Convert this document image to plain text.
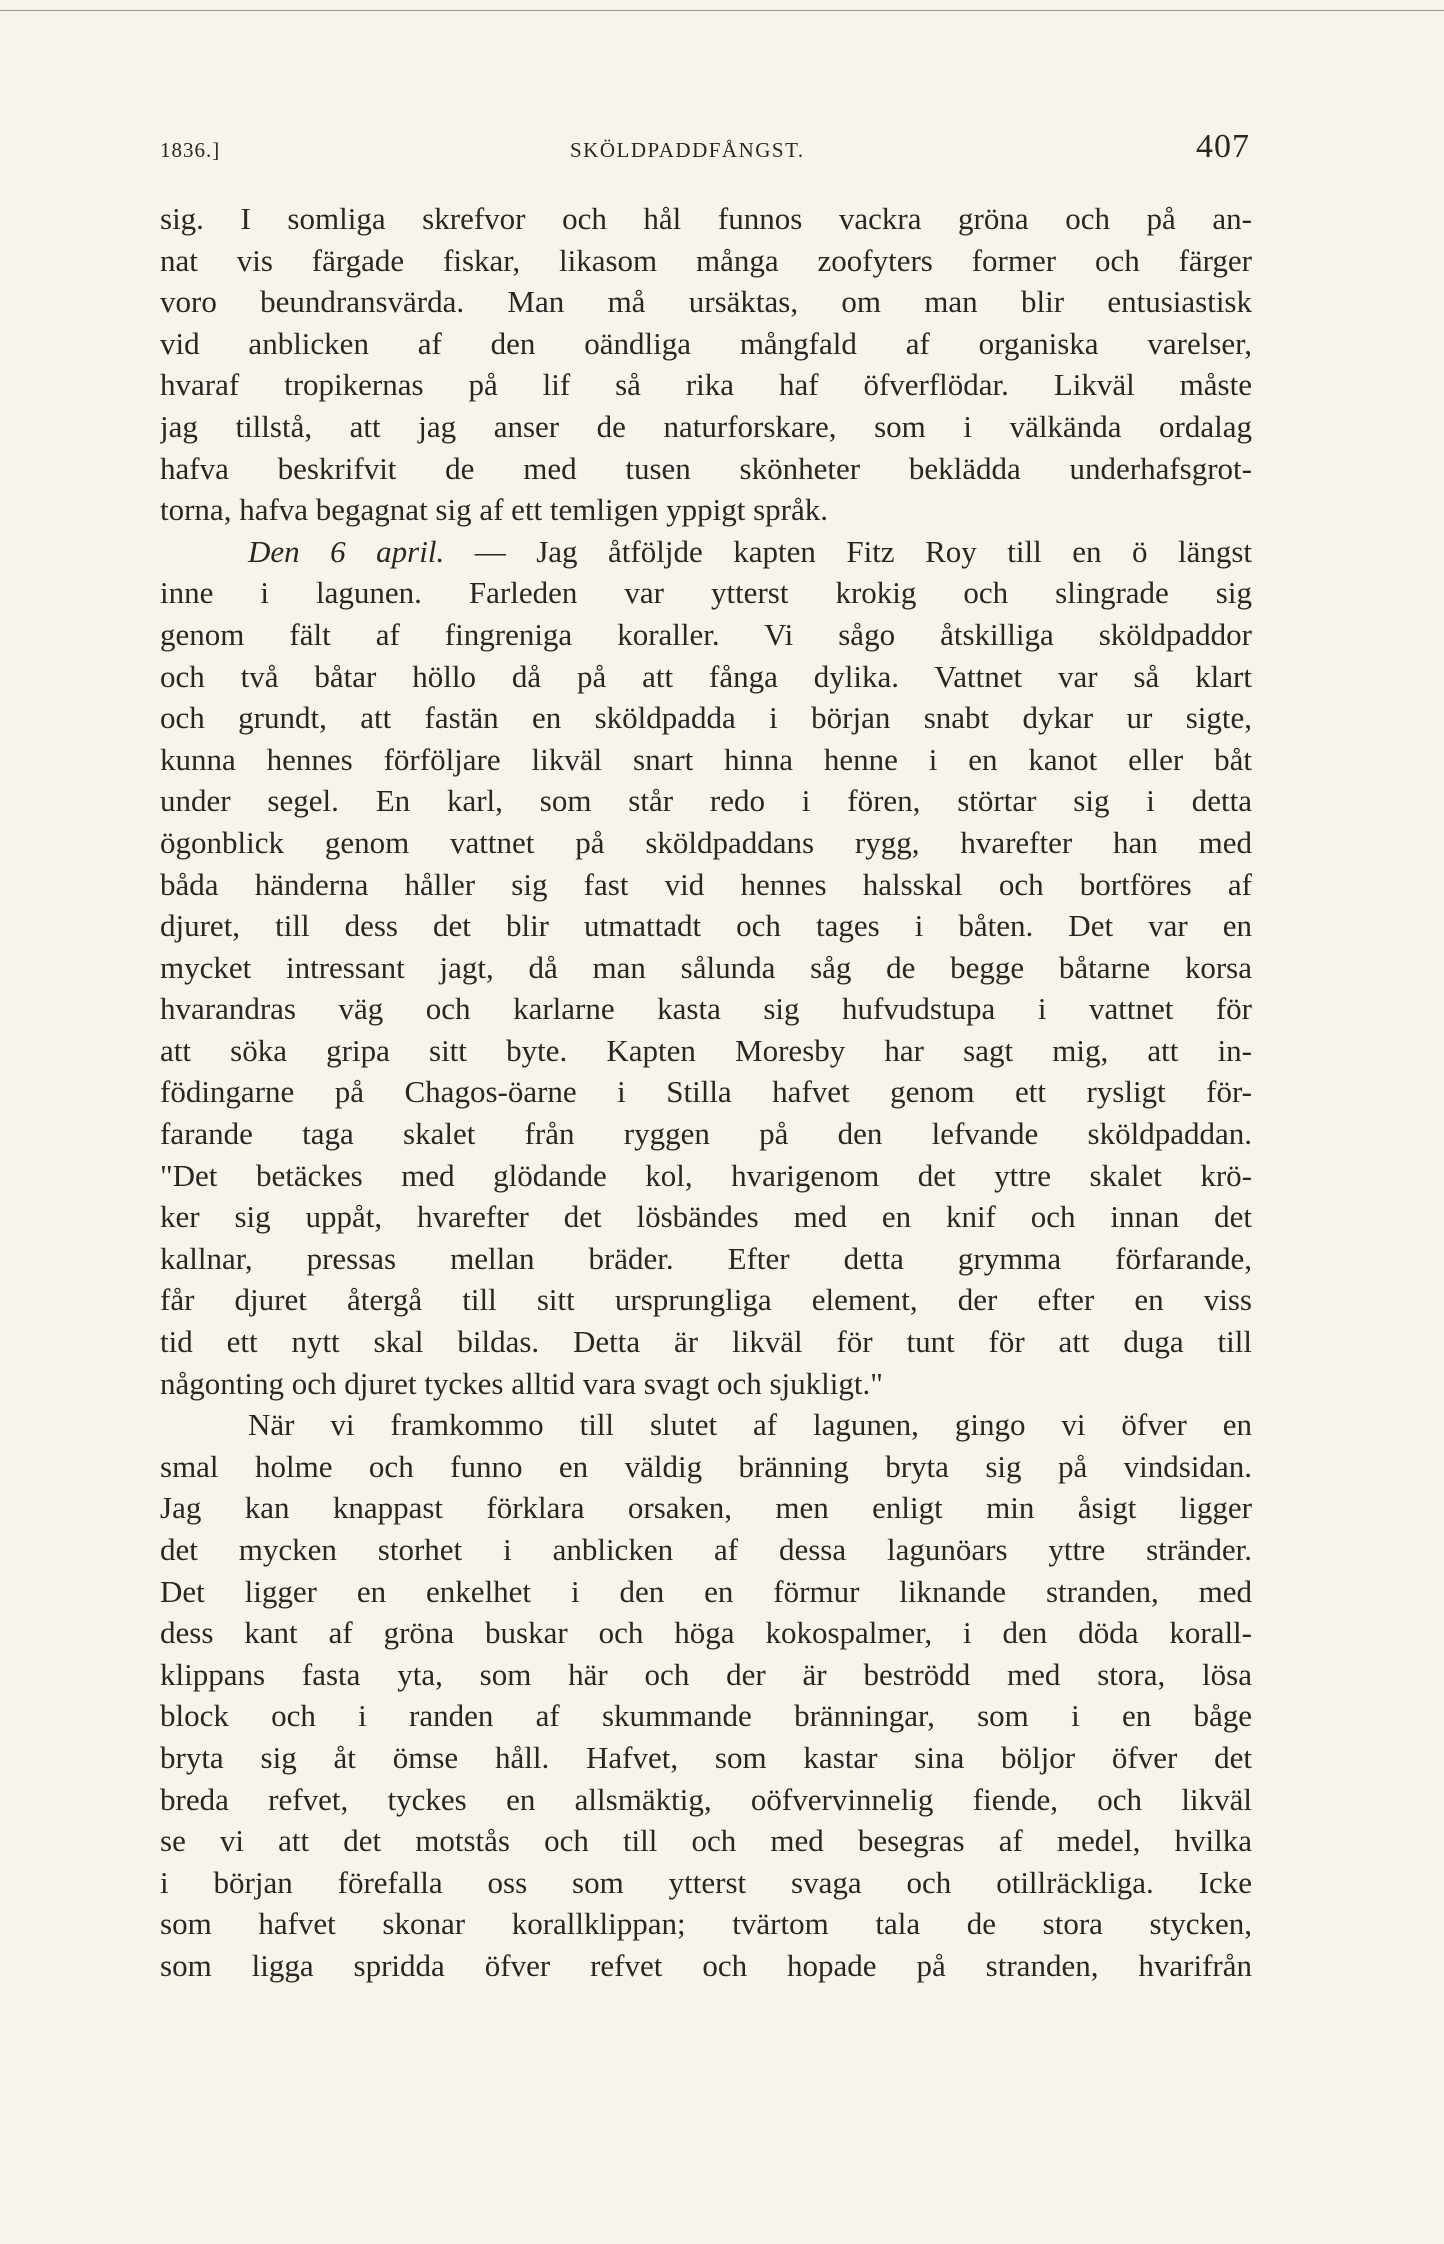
1836.]	SKÖLDPADDFÅNGST.	407
sig. I somliga skrefvor och hål funnos vackra gröna och på an-
nat vis färgade fiskar, likasom många zoofyters former och färger
voro beundransvärda. Man må ursäktas, om man blir entusiastisk
vid anblicken af den oändliga mångfald af organiska varelser,
hvaraf tropikernas på lif så rika haf öfverflödar. Likväl måste
jag tillstå, att jag anser de naturforskare, som i välkända ordalag
hafva beskrifvit de med tusen skönheter beklädda underhafsgrot-
torna, hafva begagnat sig af ett temligen yppigt språk.
Den 6 april. — Jag åtföljde kapten Fitz Roy till en ö längst
inne i lagunen. Farleden var ytterst krokig och slingrade sig
genom fält af fingreniga koraller. Vi sågo åtskilliga sköldpaddor
och två båtar höllo då på att fånga dylika. Vattnet var så klart
och grundt, att fastän en sköldpadda i början snabt dykar ur sigte,
kunna hennes förföljare likväl snart hinna henne i en kanot eller båt
under segel. En karl, som står redo i fören, störtar sig i detta
ögonblick genom vattnet på sköldpaddans rygg, hvarefter han med
båda händerna håller sig fast vid hennes halsskal och bortföres af
djuret, till dess det blir utmattadt och tages i båten. Det var en
mycket intressant jagt, då man sålunda såg de begge båtarne korsa
hvarandras väg och karlarne kasta sig hufvudstupa i vattnet för
att söka gripa sitt byte. Kapten Moresby har sagt mig, att in-
födingarne på Chagos-öarne i Stilla hafvet genom ett rysligt för-
farande taga skalet från ryggen på den lefvande sköldpaddan.
"Det betäckes med glödande kol, hvarigenom det yttre skalet krö-
ker sig uppåt, hvarefter det lösbändes med en knif och innan det
kallnar, pressas mellan bräder. Efter detta grymma förfarande,
får djuret återgå till sitt ursprungliga element, der efter en viss
tid ett nytt skal bildas. Detta är likväl för tunt för att duga till
någonting och djuret tyckes alltid vara svagt och sjukligt."
När vi framkommo till slutet af lagunen, gingo vi öfver en
smal holme och funno en väldig bränning bryta sig på vindsidan.
Jag kan knappast förklara orsaken, men enligt min åsigt ligger
det mycken storhet i anblicken af dessa lagunöars yttre stränder.
Det ligger en enkelhet i den en förmur liknande stranden, med
dess kant af gröna buskar och höga kokospalmer, i den döda korall-
klippans fasta yta, som här och der är beströdd med stora, lösa
block och i randen af skummande bränningar, som i en båge
bryta sig åt ömse håll. Hafvet, som kastar sina böljor öfver det
breda refvet, tyckes en allsmäktig, oöfvervinnelig fiende, och likväl
se vi att det motstås och till och med besegras af medel, hvilka
i början förefalla oss som ytterst svaga och otillräckliga. Icke
som hafvet skonar korallklippan; tvärtom tala de stora stycken,
som ligga spridda öfver refvet och hopade på stranden, hvarifrån
